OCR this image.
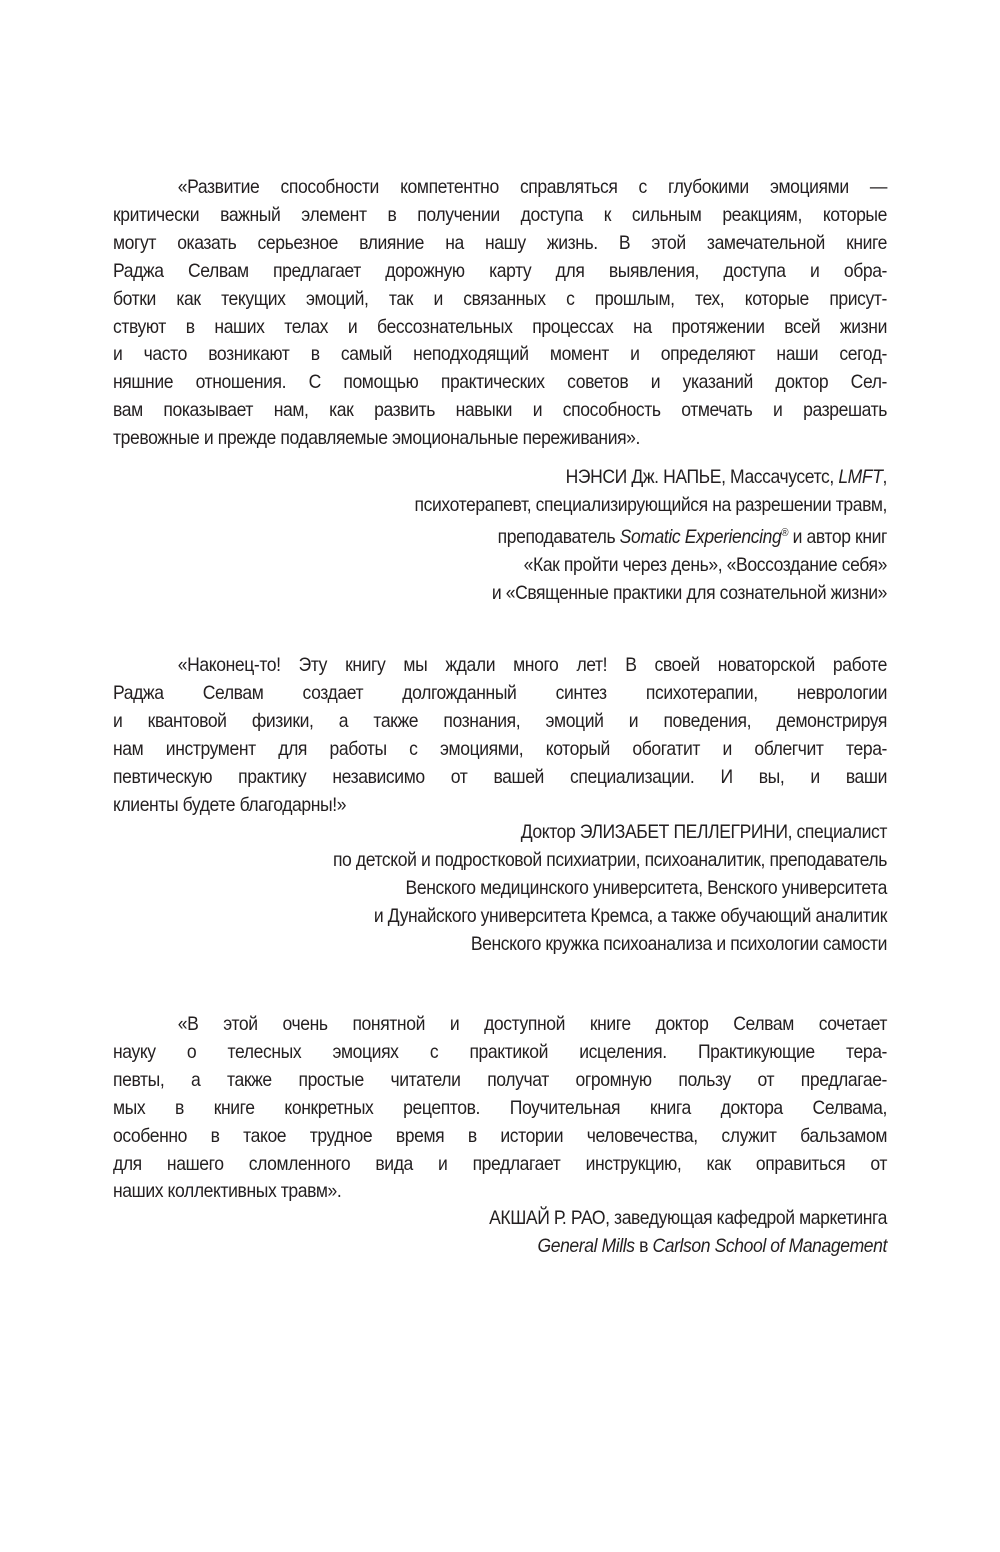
«Развитие способности компетентно справляться с глубокими эмоциями —
критически важный элемент в получении доступа к сильным реакциям, которые
могут оказать серьезное влияние на нашу жизнь. В этой замечательной книге
Раджа Селвам предлагает дорожную карту для выявления, доступа и обра-
ботки как текущих эмоций, так и связанных с прошлым, тех, которые присут-
ствуют в наших телах и бессознательных процессах на протяжении всей жизни
и часто возникают в самый неподходящий момент и определяют наши сегод-
няшние отношения. С помощью практических советов и указаний доктор Сел-
вам показывает нам, как развить навыки и способность отмечать и разрешать
тревожные и прежде подавляемые эмоциональные переживания».
НЭНСИ Дж. НАПЬЕ, Массачусетс, LMFT,
психотерапевт, специализирующийся на разрешении травм,
преподаватель Somatic Experiencing® и автор книг
«Как пройти через день», «Воссоздание себя»
и «Священные практики для сознательной жизни»
«Наконец-то! Эту книгу мы ждали много лет! В своей новаторской работе
Раджа Селвам создает долгожданный синтез психотерапии, неврологии
и квантовой физики, а также познания, эмоций и поведения, демонстрируя
нам инструмент для работы с эмоциями, который обогатит и облегчит тера-
певтическую практику независимо от вашей специализации. И вы, и ваши
клиенты будете благодарны!»
Доктор ЭЛИЗАБЕТ ПЕЛЛЕГРИНИ, специалист
по детской и подростковой психиатрии, психоаналитик, преподаватель
Венского медицинского университета, Венского университета
и Дунайского университета Кремса, а также обучающий аналитик
Венского кружка психоанализа и психологии самости
«В этой очень понятной и доступной книге доктор Селвам сочетает
науку о телесных эмоциях с практикой исцеления. Практикующие тера-
певты, а также простые читатели получат огромную пользу от предлагае-
мых в книге конкретных рецептов. Поучительная книга доктора Селвама,
особенно в такое трудное время в истории человечества, служит бальзамом
для нашего сломленного вида и предлагает инструкцию, как оправиться от
наших коллективных травм».
АКШАЙ Р. РАО, заведующая кафедрой маркетинга
General Mills в Carlson School of Management
